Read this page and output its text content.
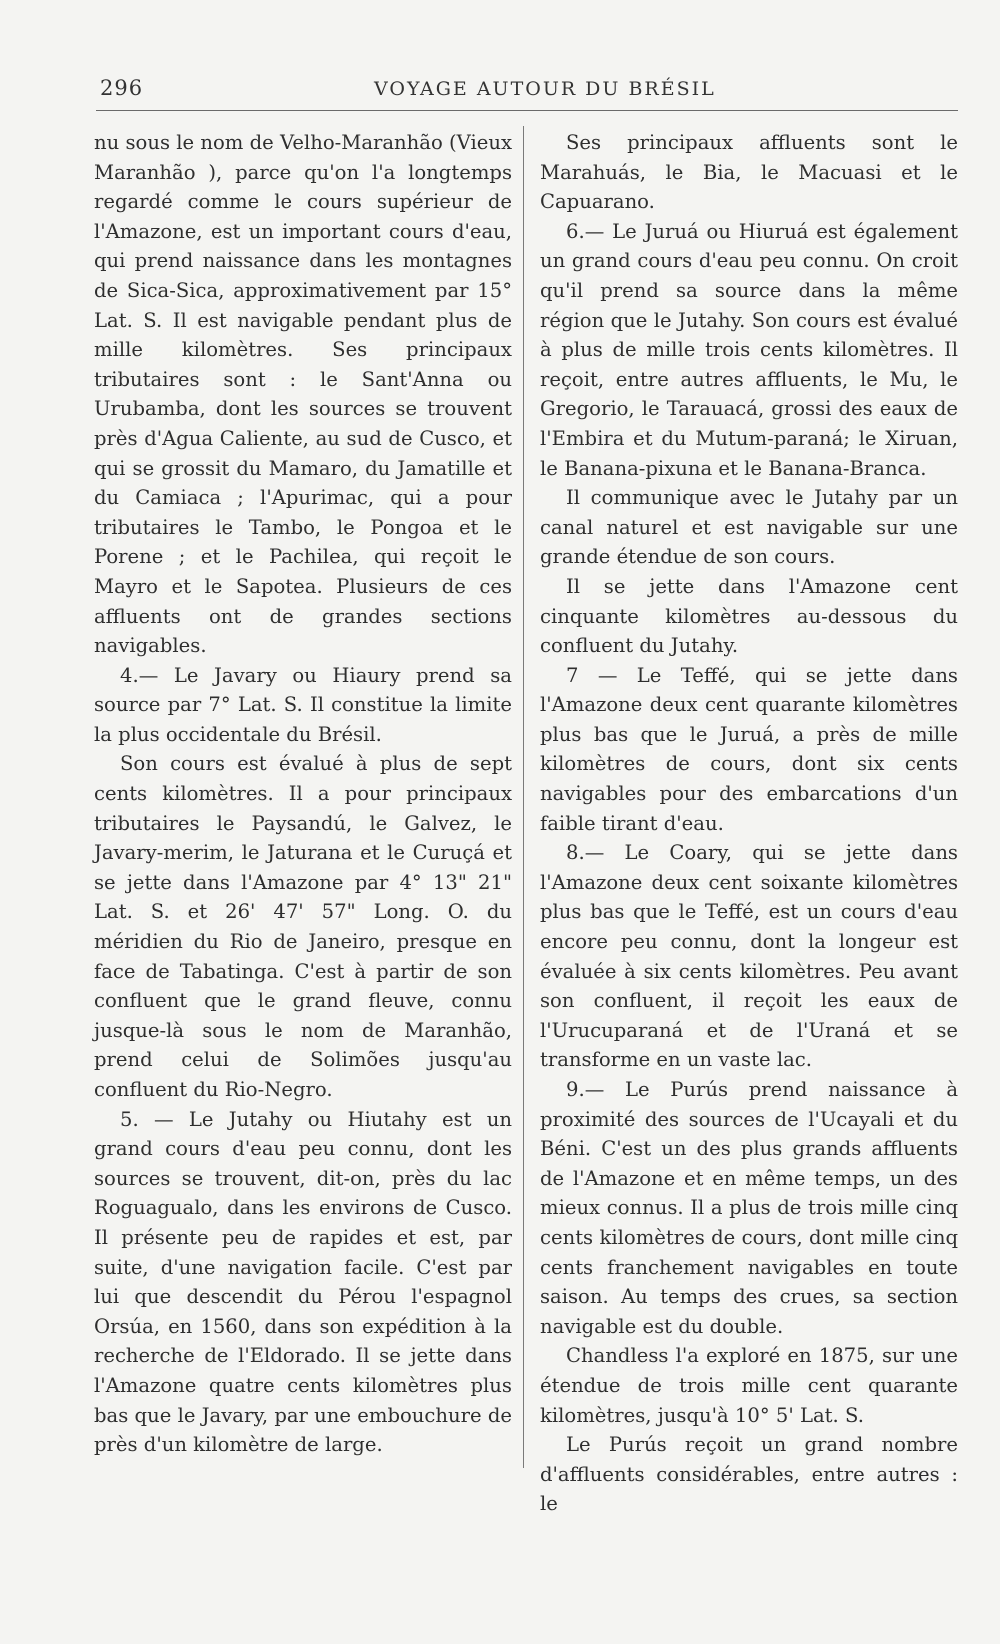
296	VOYAGE AUTOUR DU BRÉSIL

nu sous le nom de Velho-Maranhão (Vieux Maranhão ), parce qu'on l'a longtemps regardé comme le cours supérieur de l'Amazone, est un important cours d'eau, qui prend naissance dans les montagnes de Sica-Sica, approximativement par 15° Lat. S. Il est navigable pendant plus de mille kilomètres. Ses principaux tributaires sont : le Sant'Anna ou Urubamba, dont les sources se trouvent près d'Agua Caliente, au sud de Cusco, et qui se grossit du Mamaro, du Jamatille et du Camiaca ; l'Apurimac, qui a pour tributaires le Tambo, le Pongoa et le Porene ; et le Pachilea, qui reçoit le Mayro et le Sapotea. Plusieurs de ces affluents ont de grandes sections navigables.

4.— Le Javary ou Hiaury prend sa source par 7° Lat. S. Il constitue la limite la plus occidentale du Brésil.

Son cours est évalué à plus de sept cents kilomètres. Il a pour principaux tributaires le Paysandú, le Galvez, le Javary-merim, le Jaturana et le Curuçá et se jette dans l'Amazone par 4° 13" 21" Lat. S. et 26' 47' 57" Long. O. du méridien du Rio de Janeiro, presque en face de Tabatinga. C'est à partir de son confluent que le grand fleuve, connu jusque-là sous le nom de Maranhão, prend celui de Solimões jusqu'au confluent du Rio-Negro.

5. — Le Jutahy ou Hiutahy est un grand cours d'eau peu connu, dont les sources se trouvent, dit-on, près du lac Roguagualo, dans les environs de Cusco. Il présente peu de rapides et est, par suite, d'une navigation facile. C'est par lui que descendit du Pérou l'espagnol Orsúa, en 1560, dans son expédition à la recherche de l'Eldorado. Il se jette dans l'Amazone quatre cents kilomètres plus bas que le Javary, par une embouchure de près d'un kilomètre de large.

Ses principaux affluents sont le Marahuás, le Bia, le Macuasi et le Capuarano.

6.— Le Juruá ou Hiuruá est également un grand cours d'eau peu connu. On croit qu'il prend sa source dans la même région que le Jutahy. Son cours est évalué à plus de mille trois cents kilomètres. Il reçoit, entre autres affluents, le Mu, le Gregorio, le Tarauacá, grossi des eaux de l'Embira et du Mutum-paraná; le Xiruan, le Banana-pixuna et le Banana-Branca.

Il communique avec le Jutahy par un canal naturel et est navigable sur une grande étendue de son cours.

Il se jette dans l'Amazone cent cinquante kilomètres au-dessous du confluent du Jutahy.

7 — Le Teffé, qui se jette dans l'Amazone deux cent quarante kilomètres plus bas que le Juruá, a près de mille kilomètres de cours, dont six cents navigables pour des embarcations d'un faible tirant d'eau.

8.— Le Coary, qui se jette dans l'Amazone deux cent soixante kilomètres plus bas que le Teffé, est un cours d'eau encore peu connu, dont la longeur est évaluée à six cents kilomètres. Peu avant son confluent, il reçoit les eaux de l'Urucuparaná et de l'Uraná et se transforme en un vaste lac.

9.— Le Purús prend naissance à proximité des sources de l'Ucayali et du Béni. C'est un des plus grands affluents de l'Amazone et en même temps, un des mieux connus. Il a plus de trois mille cinq cents kilomètres de cours, dont mille cinq cents franchement navigables en toute saison. Au temps des crues, sa section navigable est du double.

Chandless l'a exploré en 1875, sur une étendue de trois mille cent quarante kilomètres, jusqu'à 10° 5' Lat. S.

Le Purús reçoit un grand nombre d'affluents considérables, entre autres : le
